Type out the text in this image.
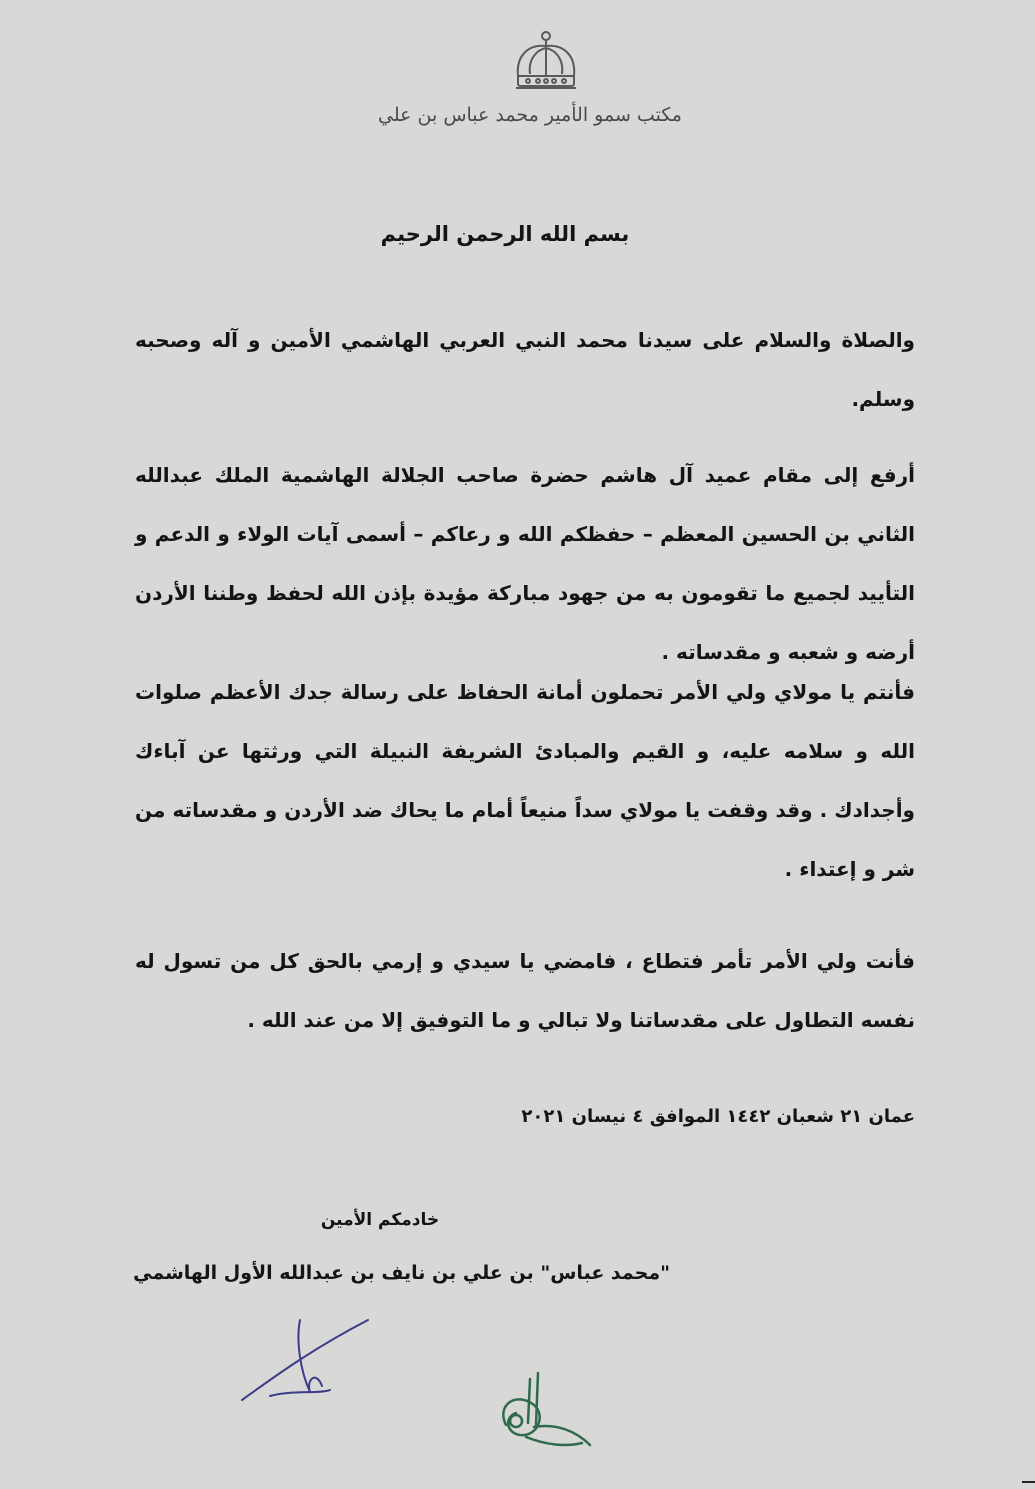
مكتب سمو الأمير محمد عباس بن علي
بسم الله الرحمن الرحيم
والصلاة والسلام على سيدنا محمد النبي العربي الهاشمي الأمين و آله وصحبه وسلم.
أرفع إلى مقام عميد آل هاشم حضرة صاحب الجلالة الهاشمية الملك عبدالله الثاني بن الحسين المعظم – حفظكم الله و رعاكم – أسمى آيات الولاء و الدعم و التأييد لجميع ما تقومون به من جهود مباركة مؤيدة بإذن الله لحفظ وطننا الأردن أرضه و شعبه و مقدساته .
فأنتم يا مولاي ولي الأمر تحملون أمانة الحفاظ على رسالة جدك الأعظم صلوات الله و سلامه عليه، و القيم والمبادئ الشريفة النبيلة التي ورثتها عن آباءك وأجدادك . وقد وقفت يا مولاي سداً منيعاً أمام ما يحاك ضد الأردن و مقدساته من شر و إعتداء .
فأنت ولي الأمر تأمر فتطاع ، فامضي يا سيدي و إرمي بالحق كل من تسول له نفسه التطاول على مقدساتنا ولا تبالي و ما التوفيق إلا من عند الله .
عمان ٢١ شعبان ١٤٤٢ الموافق ٤ نيسان ٢٠٢١
خادمكم الأمين
"محمد عباس" بن علي بن نايف بن عبدالله الأول الهاشمي
